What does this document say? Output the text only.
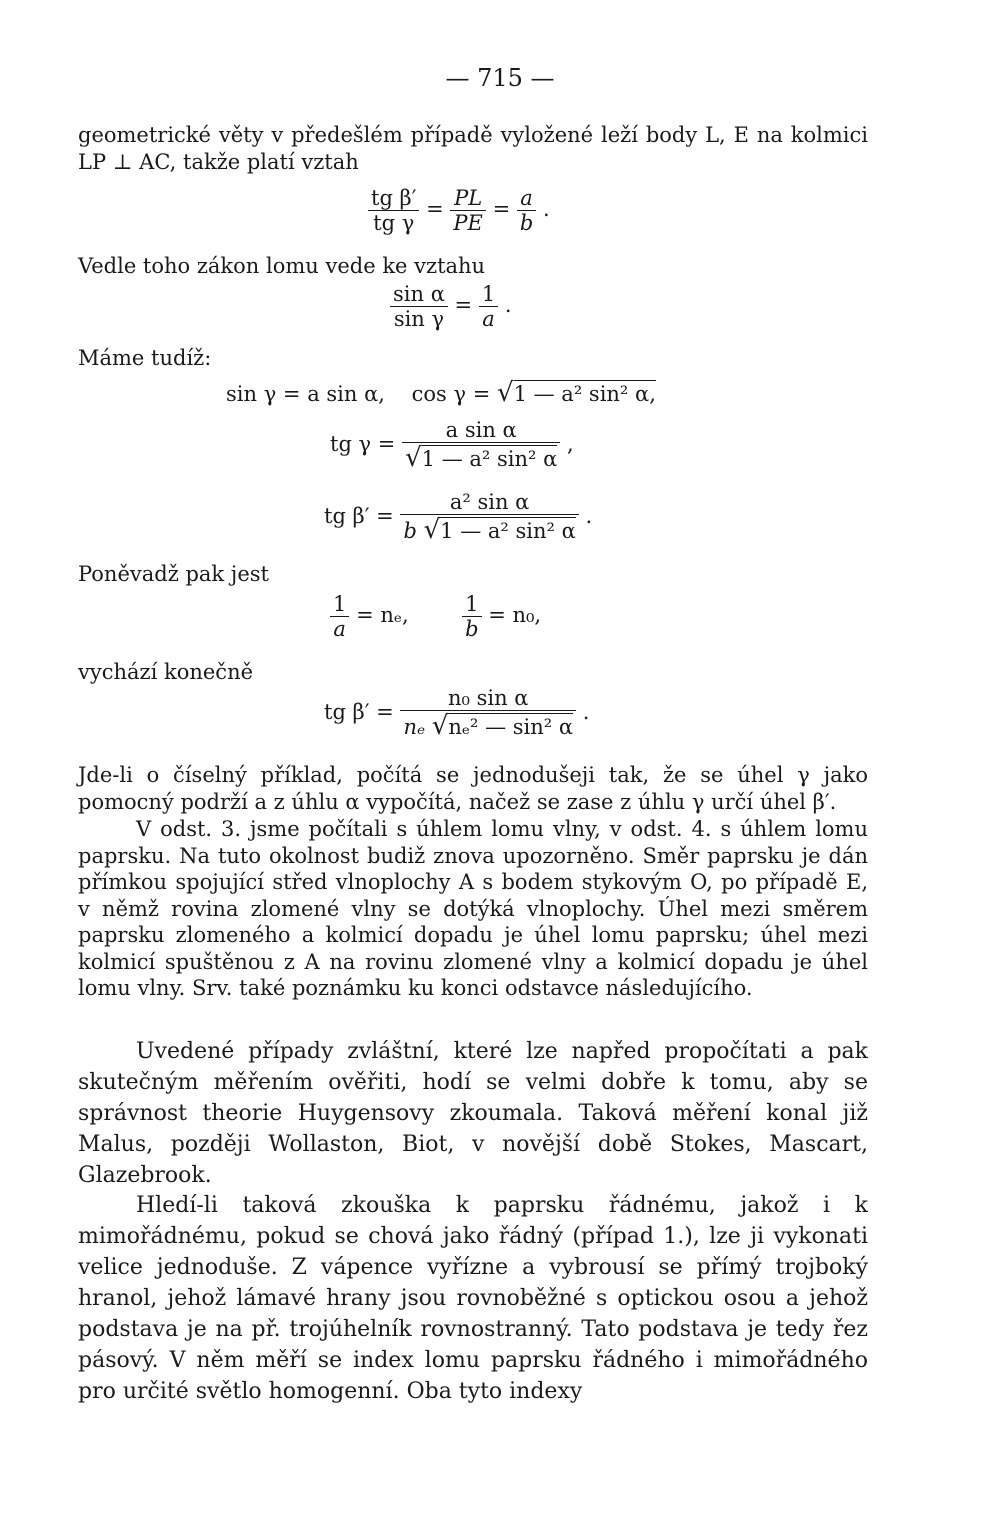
— 715 —
geometrické věty v předešlém případě vyložené leží body L, E na kolmici LP ⊥ AC, takže platí vztah
$\frac{\text{tg β′}}{\text{tg γ}} = \frac{PL}{PE} = \frac{a}{b}$ .
Vedle toho zákon lomu vede ke vztahu
$\frac{\text{sin α}}{\text{sin γ}} = \frac{1}{a}$ .
Máme tudíž:
sin γ = a sin α, cos γ = √1 — a² sin² α,
tg $\gamma = \frac{\text{a sin α}}{\text{√1 — a² sin² α}}$ ,
tg $\beta' = \frac{\text{a² sin α}}{\text{b √1 — a² sin² α}}$ .
Poněvadž pak jest
$\frac{1}{a} = n_e$,	$\frac{1}{b} = n_0$,
vychází konečně
tg $\beta' = \frac{\text{n₀ sin α}}{\text{nₑ √nₑ² — sin² α}}$ .
Jde-li o číselný příklad, počítá se jednodušeji tak, že se úhel γ jako pomocný podrží a z úhlu α vypočítá, načež se zase z úhlu γ určí úhel β′.
V odst. 3. jsme počítali s úhlem lomu vlny, v odst. 4. s úhlem lomu paprsku. Na tuto okolnost budiž znova upozorněno. Směr paprsku je dán přímkou spojující střed vlnoplochy A s bodem stykovým O, po případě E, v němž rovina zlomené vlny se dotýká vlnoplochy. Úhel mezi směrem paprsku zlomeného a kolmicí dopadu je úhel lomu paprsku; úhel mezi kolmicí spuštěnou z A na rovinu zlomené vlny a kolmicí dopadu je úhel lomu vlny. Srv. také poznámku ku konci odstavce následujícího.
Uvedené případy zvláštní, které lze napřed propočítati a pak skutečným měřením ověřiti, hodí se velmi dobře k tomu, aby se správnost theorie Huygensovy zkoumala. Taková měření konal již Malus, později Wollaston, Biot, v novější době Stokes, Mascart, Glazebrook.
Hledí-li taková zkouška k paprsku řádnému, jakož i k mimořádnému, pokud se chová jako řádný (případ 1.), lze ji vykonati velice jednoduše. Z vápence vyříznе a vybrousí se přímý trojboký hranol, jehož lámavé hrany jsou rovnoběžné s optickou osou a jehož podstava je na př. trojúhelník rovnostranný. Tato podstava je tedy řez pásový. V něm měří se index lomu paprsku řádného i mimořádného pro určité světlo homogenní. Oba tyto indexy
